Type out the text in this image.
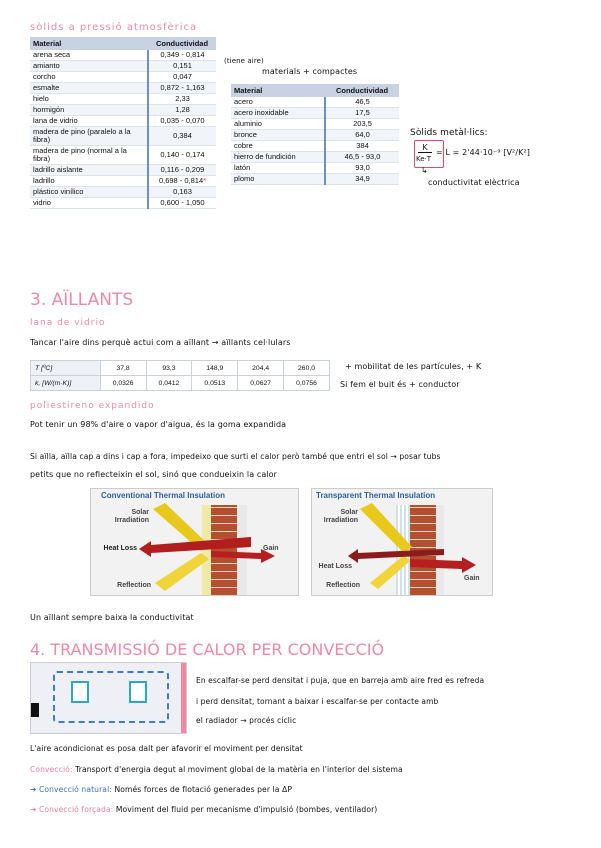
sòlids a pressió atmosfèrica
Material	Conductividad
arena seca	0,349 - 0,814
amianto	0,151
corcho	0,047
esmalte	0,872 - 1,163
hielo	2,33
hormigón	1,28
lana de vidrio	0,035 - 0,070
madera de pino (paralelo a la fibra)	0,384
madera de pino (normal a la fibra)	0,140 - 0,174
ladrillo aislante	0,116 - 0,209
ladrillo	0,698 - 0,814*
plástico vinílico	0,163
vidrio	0,600 - 1,050
(tiene aire)
materials + compactes
Material	Conductividad
acero	46,5
acero inoxidable	17,5
aluminio	203,5
bronce	64,0
cobre	384
hierro de fundición	46,5 - 93,0
latón	93,0
plomo	34,9
Sòlids metàl·lics:
K
Ke·T
= L = 2'44·10⁻⁹ [V²/K²]
↳
conductivitat elèctrica
3. AÏLLANTS
lana de vidrio
Tancar l'aire dins perquè actui com a aïllant → aïllants cel·lulars
T [ºC]	37,8	93,3	148,9	204,4	260,0
k, [W/(m·K)]	0,0326	0,0412	0,0513	0,0627	0,0756
+ mobilitat de les partícules, + K
Si fem el buit és + conductor
poliestireno expandido
Pot tenir un 98% d'aire o vapor d'aigua, és la goma expandida
Si aïlla, aïlla cap a dins i cap a fora, impedeixo que surti el calor però també que entri el sol → posar tubs
petits que no reflecteixin el sol, sinó que condueixin la calor
Conventional Thermal Insulation
Solar
Irradiation
Heat Loss	Gain
Reflection
Transparent Thermal Insulation
Solar
Irradiation
Heat Loss
Gain
Reflection
Un aïllant sempre baixa la conductivitat
4. TRANSMISSIÓ DE CALOR PER CONVECCIÓ
En escalfar-se perd densitat i puja, que en barreja amb aire fred es refreda
i perd densitat, tornant a baixar i escalfar-se per contacte amb
el radiador → procés cíclic
L'aire acondicionat es posa dalt per afavorir el moviment per densitat
Convecció: Transport d'energia degut al moviment global de la matèria en l'interior del sistema
➔ Convecció natural: Només forces de flotació generades per la ΔP
➔ Convecció forçada: Moviment del fluid per mecanisme d'impulsió (bombes, ventilador)
